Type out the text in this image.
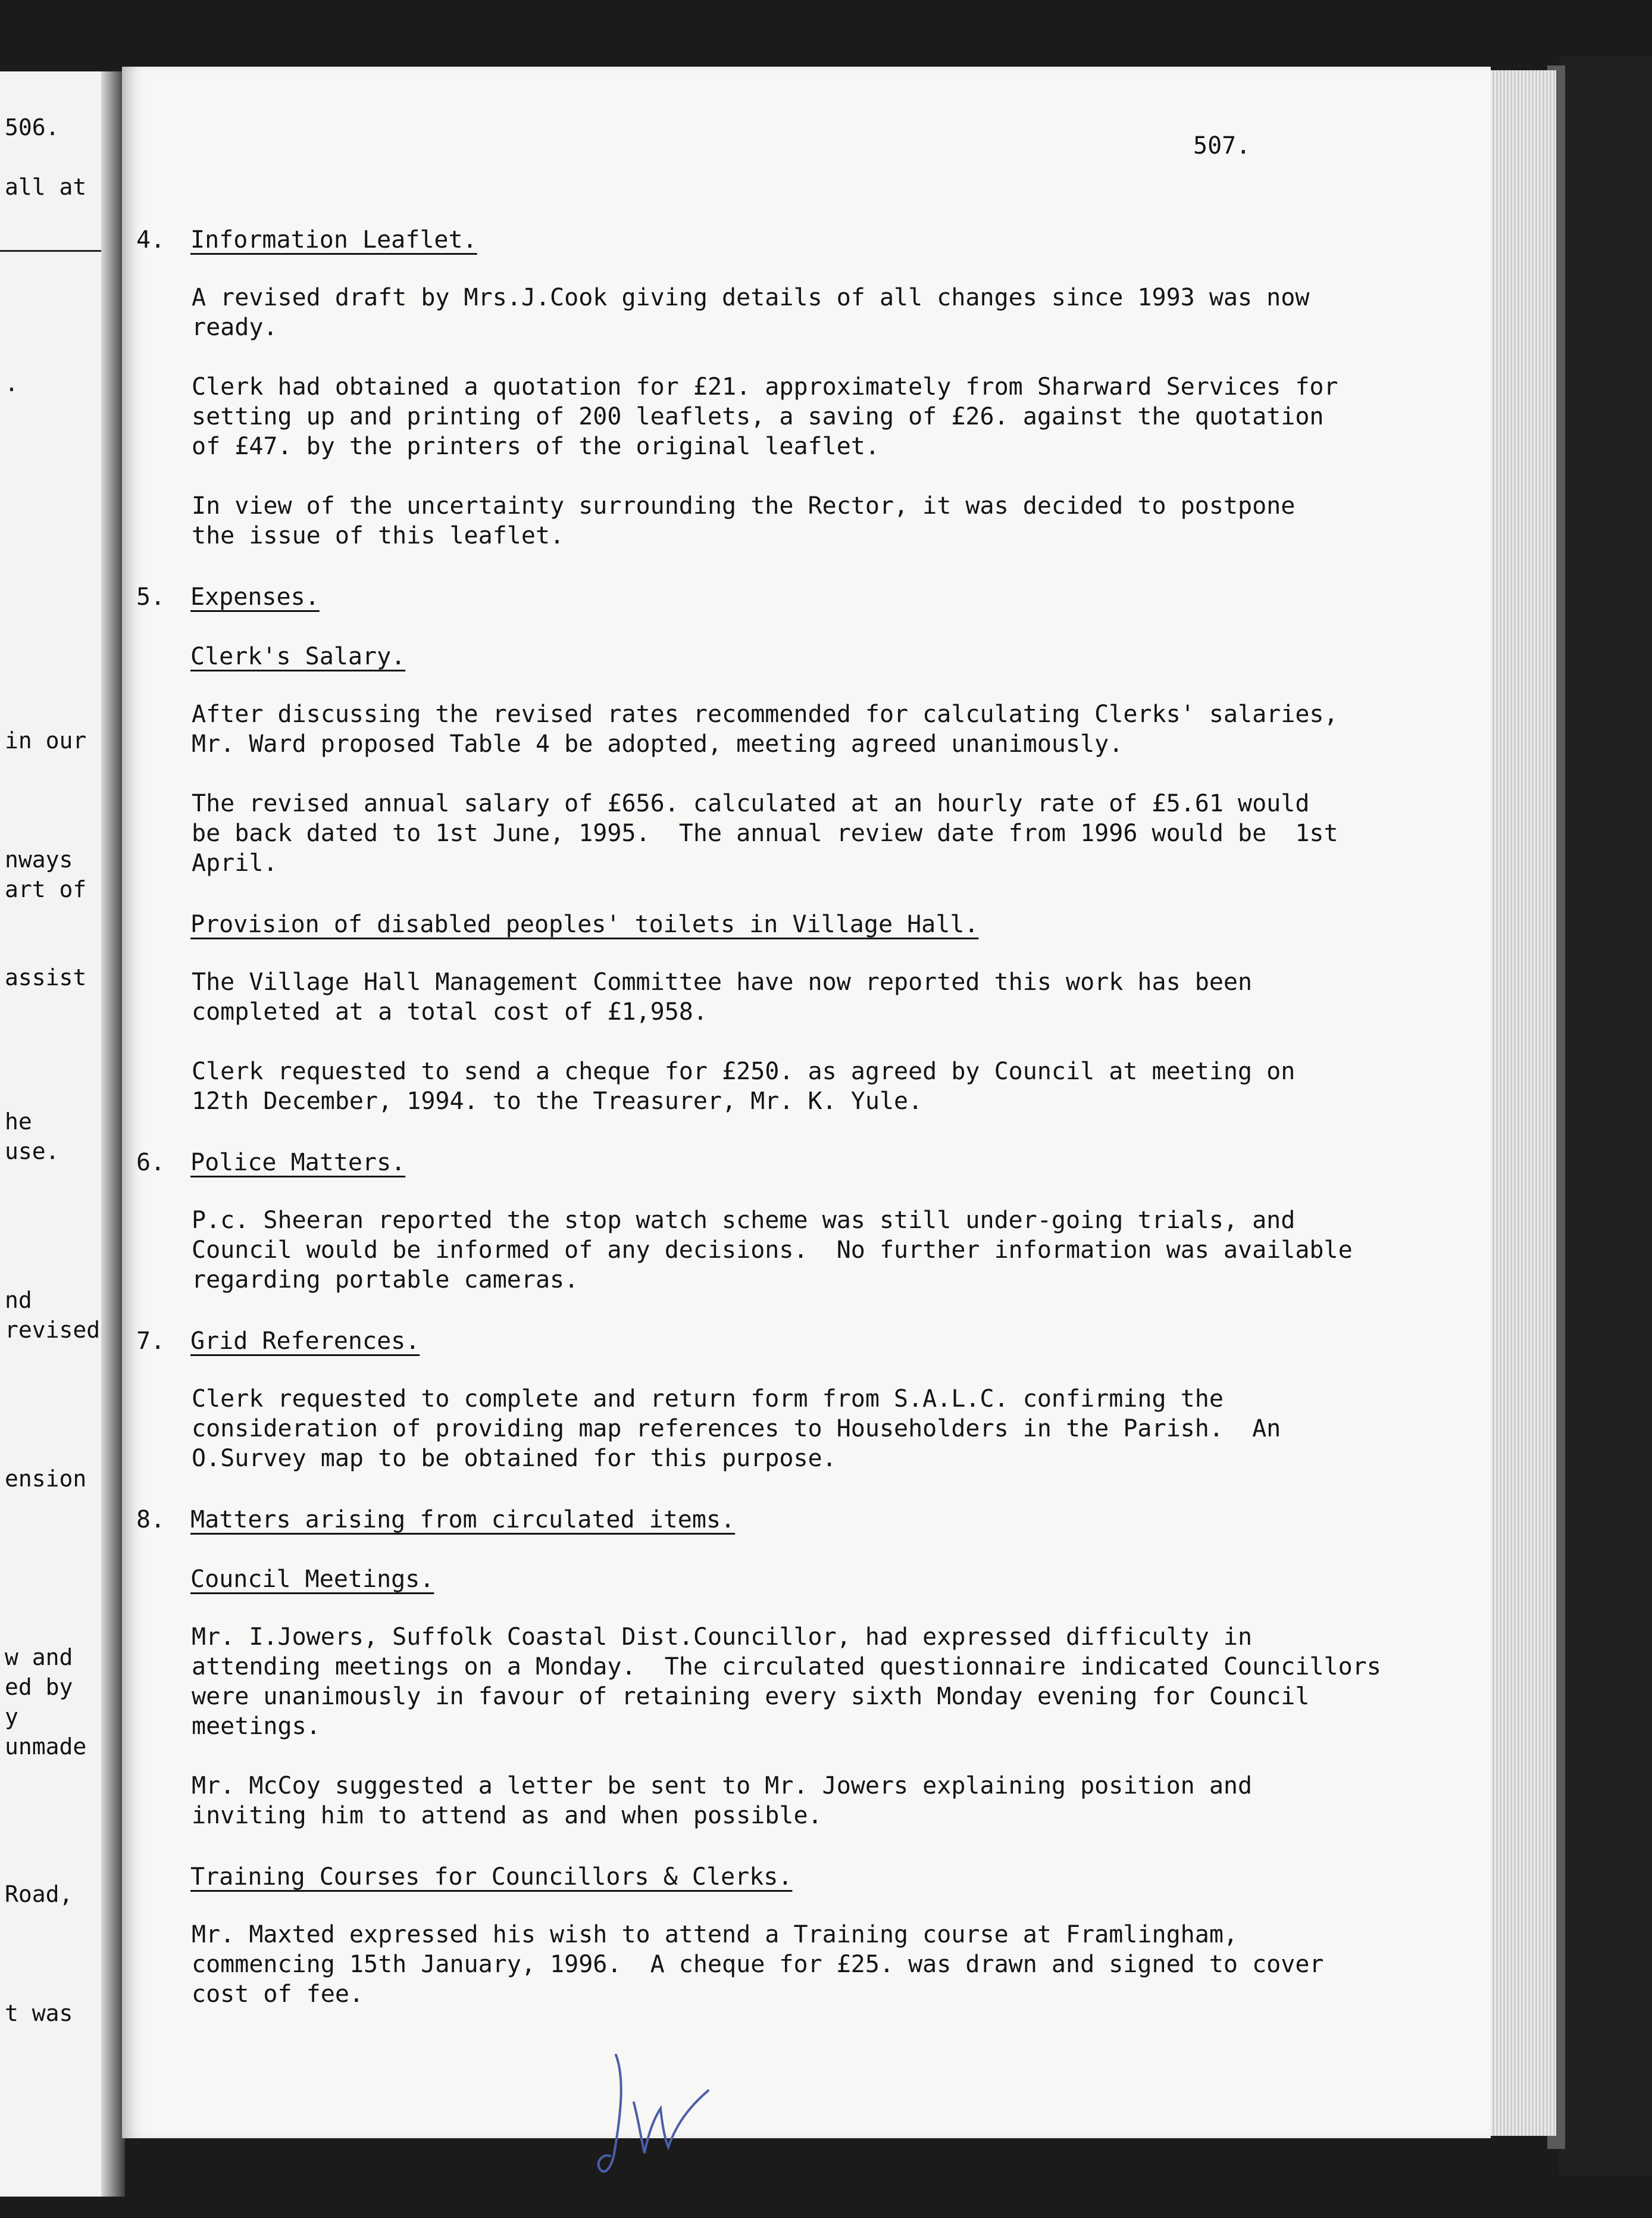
506.
all at
.
in our
nways
art of
assist
he
use.
nd
revised
ension
w and
ed by
y
unmade
Road,
t was
507.
4. Information Leaflet.
A revised draft by Mrs.J.Cook giving details of all changes since 1993 was now
ready.
Clerk had obtained a quotation for £21. approximately from Sharward Services for
setting up and printing of 200 leaflets, a saving of £26. against the quotation
of £47. by the printers of the original leaflet.
In view of the uncertainty surrounding the Rector, it was decided to postpone
the issue of this leaflet.
5. Expenses.
Clerk's Salary.
After discussing the revised rates recommended for calculating Clerks' salaries,
Mr. Ward proposed Table 4 be adopted, meeting agreed unanimously.
The revised annual salary of £656. calculated at an hourly rate of £5.61 would
be back dated to 1st June, 1995.  The annual review date from 1996 would be  1st
April.
Provision of disabled peoples' toilets in Village Hall.
The Village Hall Management Committee have now reported this work has been
completed at a total cost of £1,958.
Clerk requested to send a cheque for £250. as agreed by Council at meeting on
12th December, 1994. to the Treasurer, Mr. K. Yule.
6. Police Matters.
P.c. Sheeran reported the stop watch scheme was still under-going trials, and
Council would be informed of any decisions.  No further information was available
regarding portable cameras.
7. Grid References.
Clerk requested to complete and return form from S.A.L.C. confirming the
consideration of providing map references to Householders in the Parish.  An
O.Survey map to be obtained for this purpose.
8. Matters arising from circulated items.
Council Meetings.
Mr. I.Jowers, Suffolk Coastal Dist.Councillor, had expressed difficulty in
attending meetings on a Monday.  The circulated questionnaire indicated Councillors
were unanimously in favour of retaining every sixth Monday evening for Council
meetings.
Mr. McCoy suggested a letter be sent to Mr. Jowers explaining position and
inviting him to attend as and when possible.
Training Courses for Councillors & Clerks.
Mr. Maxted expressed his wish to attend a Training course at Framlingham,
commencing 15th January, 1996.  A cheque for £25. was drawn and signed to cover
cost of fee.
